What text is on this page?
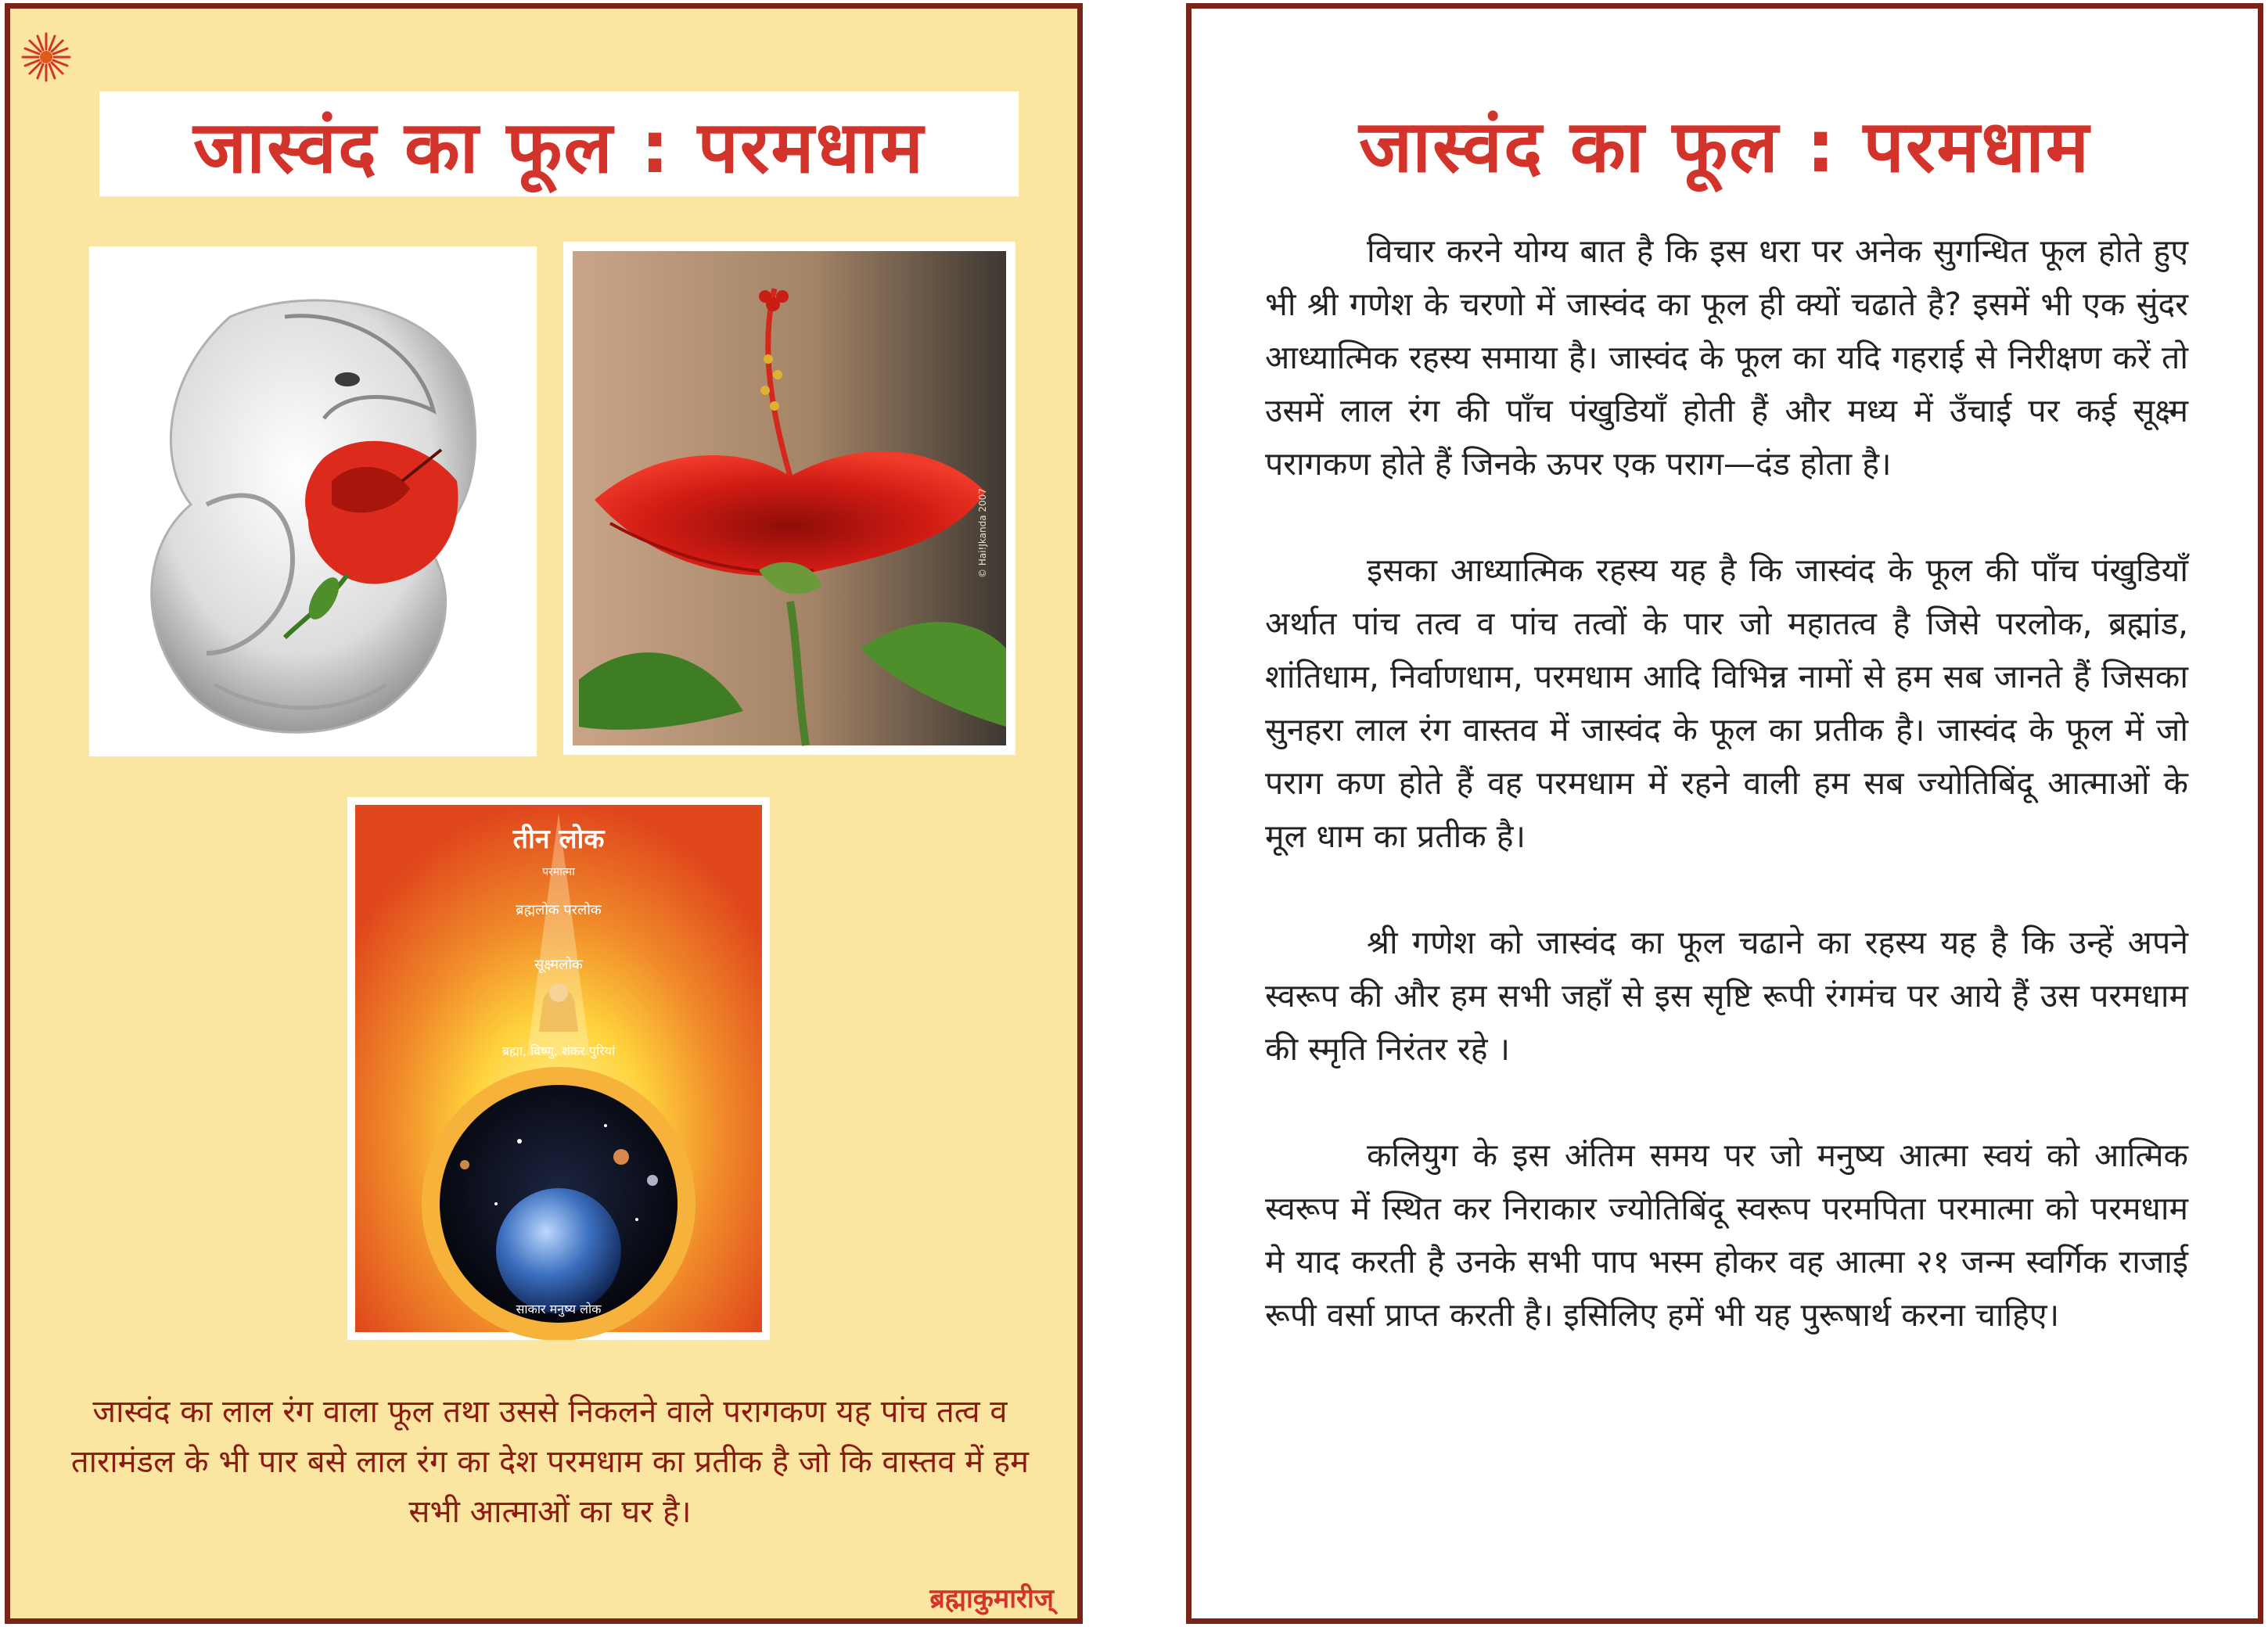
जास्वंद का फूल : परमधाम
© Hai!Jkanda 2007
तीन लोक
परमात्मा
ब्रह्मलोक परलोक
सूक्ष्मलोक
ब्रह्मा, विष्णु, शंकर पुरियां
साकार मनुष्य लोक
जास्वंद का लाल रंग वाला फूल तथा उससे निकलने वाले परागकण यह पांच तत्व व तारामंडल के भी पार बसे लाल रंग का देश परमधाम का प्रतीक है जो कि वास्तव में हम सभी आत्माओं का घर है।
ब्रह्माकुमारीज्
जास्वंद का फूल : परमधाम

विचार करने योग्य बात है कि इस धरा पर अनेक सुगन्धित फूल होते हुए भी श्री गणेश के चरणो में जास्वंद का फूल ही क्यों चढाते है? इसमें भी एक सुंदर आध्यात्मिक रहस्य समाया है। जास्वंद के फूल का यदि गहराई से निरीक्षण करें तो उसमें लाल रंग की पाँच पंखुडियाँ होती हैं और मध्य में उँचाई पर कई सूक्ष्म परागकण होते हैं जिनके ऊपर एक पराग—दंड होता है।

इसका आध्यात्मिक रहस्य यह है कि जास्वंद के फूल की पाँच पंखुडियाँ अर्थात पांच तत्व व पांच तत्वों के पार जो महातत्व है जिसे परलोक, ब्रह्मांड, शांतिधाम, निर्वाणधाम, परमधाम आदि विभिन्न नामों से हम सब जानते हैं जिसका सुनहरा लाल रंग वास्तव में जास्वंद के फूल का प्रतीक है। जास्वंद के फूल में जो पराग कण होते हैं वह परमधाम में रहने वाली हम सब ज्योतिबिंदू आत्माओं के मूल धाम का प्रतीक है।

श्री गणेश को जास्वंद का फूल चढाने का रहस्य यह है कि उन्हें अपने स्वरूप की और हम सभी जहाँ से इस सृष्टि रूपी रंगमंच पर आये हैं उस परमधाम की स्मृति निरंतर रहे ।

कलियुग के इस अंतिम समय पर जो मनुष्य आत्मा स्वयं को आत्मिक स्वरूप में स्थित कर निराकार ज्योतिबिंदू स्वरूप परमपिता परमात्मा को परमधाम मे याद करती है उनके सभी पाप भस्म होकर वह आत्मा २१ जन्म स्वर्गिक राजाई रूपी वर्सा प्राप्त करती है। इसिलिए हमें भी यह पुरूषार्थ करना चाहिए।
